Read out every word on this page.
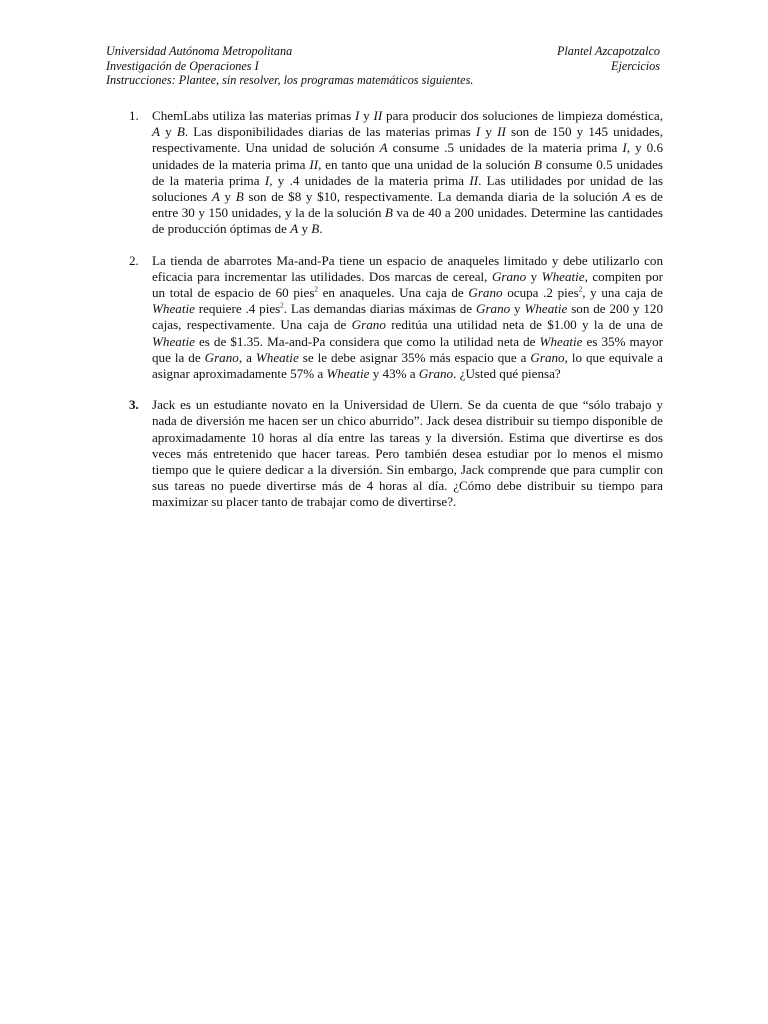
Universidad Autónoma Metropolitana	Plantel Azcapotzalco
Investigación de Operaciones I	Ejercicios
Instrucciones: Plantee, sin resolver, los programas matemáticos siguientes.
1. ChemLabs utiliza las materias primas I y II para producir dos soluciones de limpieza doméstica, A y B. Las disponibilidades diarias de las materias primas I y II son de 150 y 145 unidades, respectivamente. Una unidad de solución A consume .5 unidades de la materia prima I, y 0.6 unidades de la materia prima II, en tanto que una unidad de la solución B consume 0.5 unidades de la materia prima I, y .4 unidades de la materia prima II. Las utilidades por unidad de las soluciones A y B son de $8 y $10, respectivamente. La demanda diaria de la solución A es de entre 30 y 150 unidades, y la de la solución B va de 40 a 200 unidades. Determine las cantidades de producción óptimas de A y B.
2. La tienda de abarrotes Ma-and-Pa tiene un espacio de anaqueles limitado y debe utilizarlo con eficacia para incrementar las utilidades. Dos marcas de cereal, Grano y Wheatie, compiten por un total de espacio de 60 pies$^2$ en anaqueles. Una caja de Grano ocupa .2 pies$^2$, y una caja de Wheatie requiere .4 pies$^2$. Las demandas diarias máximas de Grano y Wheatie son de 200 y 120 cajas, respectivamente. Una caja de Grano reditúa una utilidad neta de $1.00 y la de una de Wheatie es de $1.35. Ma-and-Pa considera que como la utilidad neta de Wheatie es 35% mayor que la de Grano, a Wheatie se le debe asignar 35% más espacio que a Grano, lo que equivale a asignar aproximadamente 57% a Wheatie y 43% a Grano. ¿Usted qué piensa?
3. Jack es un estudiante novato en la Universidad de Ulern. Se da cuenta de que “sólo trabajo y nada de diversión me hacen ser un chico aburrido”. Jack desea distribuir su tiempo disponible de aproximadamente 10 horas al día entre las tareas y la diversión. Estima que divertirse es dos veces más entretenido que hacer tareas. Pero también desea estudiar por lo menos el mismo tiempo que le quiere dedicar a la diversión. Sin embargo, Jack comprende que para cumplir con sus tareas no puede divertirse más de 4 horas al día. ¿Cómo debe distribuir su tiempo para maximizar su placer tanto de trabajar como de divertirse?.
